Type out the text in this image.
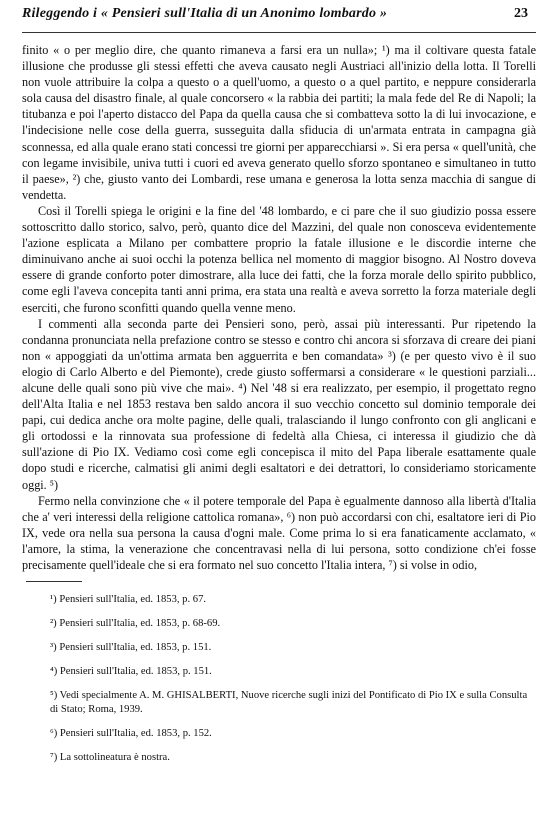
Rileggendo i « Pensieri sull'Italia di un Anonimo lombardo »	23

finito « o per meglio dire, che quanto rimaneva a farsi era un nulla»; ¹) ma il coltivare questa fatale illusione che produsse gli stessi effetti che aveva causato negli Austriaci all'inizio della lotta. Il Torelli non vuole attribuire la colpa a questo o a quell'uomo, a questo o a quel partito, e neppure considerarla sola causa del disastro finale, al quale concorsero « la rabbia dei partiti; la mala fede del Re di Napoli; la titubanza e poi l'aperto distacco del Papa da quella causa che si combatteva sotto la di lui invocazione, e l'indecisione nelle cose della guerra, susseguita dalla sfiducia di un'armata entrata in campagna già sconnessa, ed alla quale erano stati concessi tre giorni per apparecchiarsi ». Si era persa « quell'unità, che con legame invisibile, univa tutti i cuori ed aveva generato quello sforzo spontaneo e simultaneo in tutto il paese», ²) che, giusto vanto dei Lombardi, rese umana e generosa la lotta senza macchia di sangue di vendetta.

Così il Torelli spiega le origini e la fine del '48 lombardo, e ci pare che il suo giudizio possa essere sottoscritto dallo storico, salvo, però, quanto dice del Mazzini, del quale non conosceva evidentemente l'azione esplicata a Milano per combattere proprio la fatale illusione e le discordie interne che diminuivano anche ai suoi occhi la potenza bellica nel momento di maggior bisogno. Al Nostro doveva essere di grande conforto poter dimostrare, alla luce dei fatti, che la forza morale dello spirito pubblico, come egli l'aveva concepita tanti anni prima, era stata una realtà e aveva sorretto la forza materiale degli eserciti, che furono sconfitti quando quella venne meno.

I commenti alla seconda parte dei Pensieri sono, però, assai più interessanti. Pur ripetendo la condanna pronunciata nella prefazione contro se stesso e contro chi ancora si sforzava di creare dei piani non « appoggiati da un'ottima armata ben agguerrita e ben comandata» ³) (e per questo vivo è il suo elogio di Carlo Alberto e del Piemonte), crede giusto soffermarsi a considerare « le questioni parziali... alcune delle quali sono più vive che mai». ⁴) Nel '48 si era realizzato, per esempio, il progettato regno dell'Alta Italia e nel 1853 restava ben saldo ancora il suo vecchio concetto sul dominio temporale dei papi, cui dedica anche ora molte pagine, delle quali, tralasciando il lungo confronto con gli anglicani e gli ortodossi e la rinnovata sua professione di fedeltà alla Chiesa, ci interessa il giudizio che dà sull'azione di Pio IX. Vediamo così come egli concepisca il mito del Papa liberale esattamente quale dopo studi e ricerche, calmatisi gli animi degli esaltatori e dei detrattori, lo consideriamo storicamente oggi. ⁵)

Fermo nella convinzione che « il potere temporale del Papa è egualmente dannoso alla libertà d'Italia che a' veri interessi della religione cattolica romana», ⁶) non può accordarsi con chi, esaltatore ieri di Pio IX, vede ora nella sua persona la causa d'ogni male. Come prima lo si era fanaticamente acclamato, « l'amore, la stima, la venerazione che concentravasi nella di lui persona, sotto condizione ch'ei fosse precisamente quell'ideale che si era formato nel suo concetto l'Italia intera, ⁷) si volse in odio,

¹) Pensieri sull'Italia, ed. 1853, p. 67.

²) Pensieri sull'Italia, ed. 1853, p. 68-69.

³) Pensieri sull'Italia, ed. 1853, p. 151.

⁴) Pensieri sull'Italia, ed. 1853, p. 151.

⁵) Vedi specialmente A. M. GHISALBERTI, Nuove ricerche sugli inizi del Pontificato di Pio IX e sulla Consulta di Stato; Roma, 1939.

⁶) Pensieri sull'Italia, ed. 1853, p. 152.

⁷) La sottolineatura è nostra.
